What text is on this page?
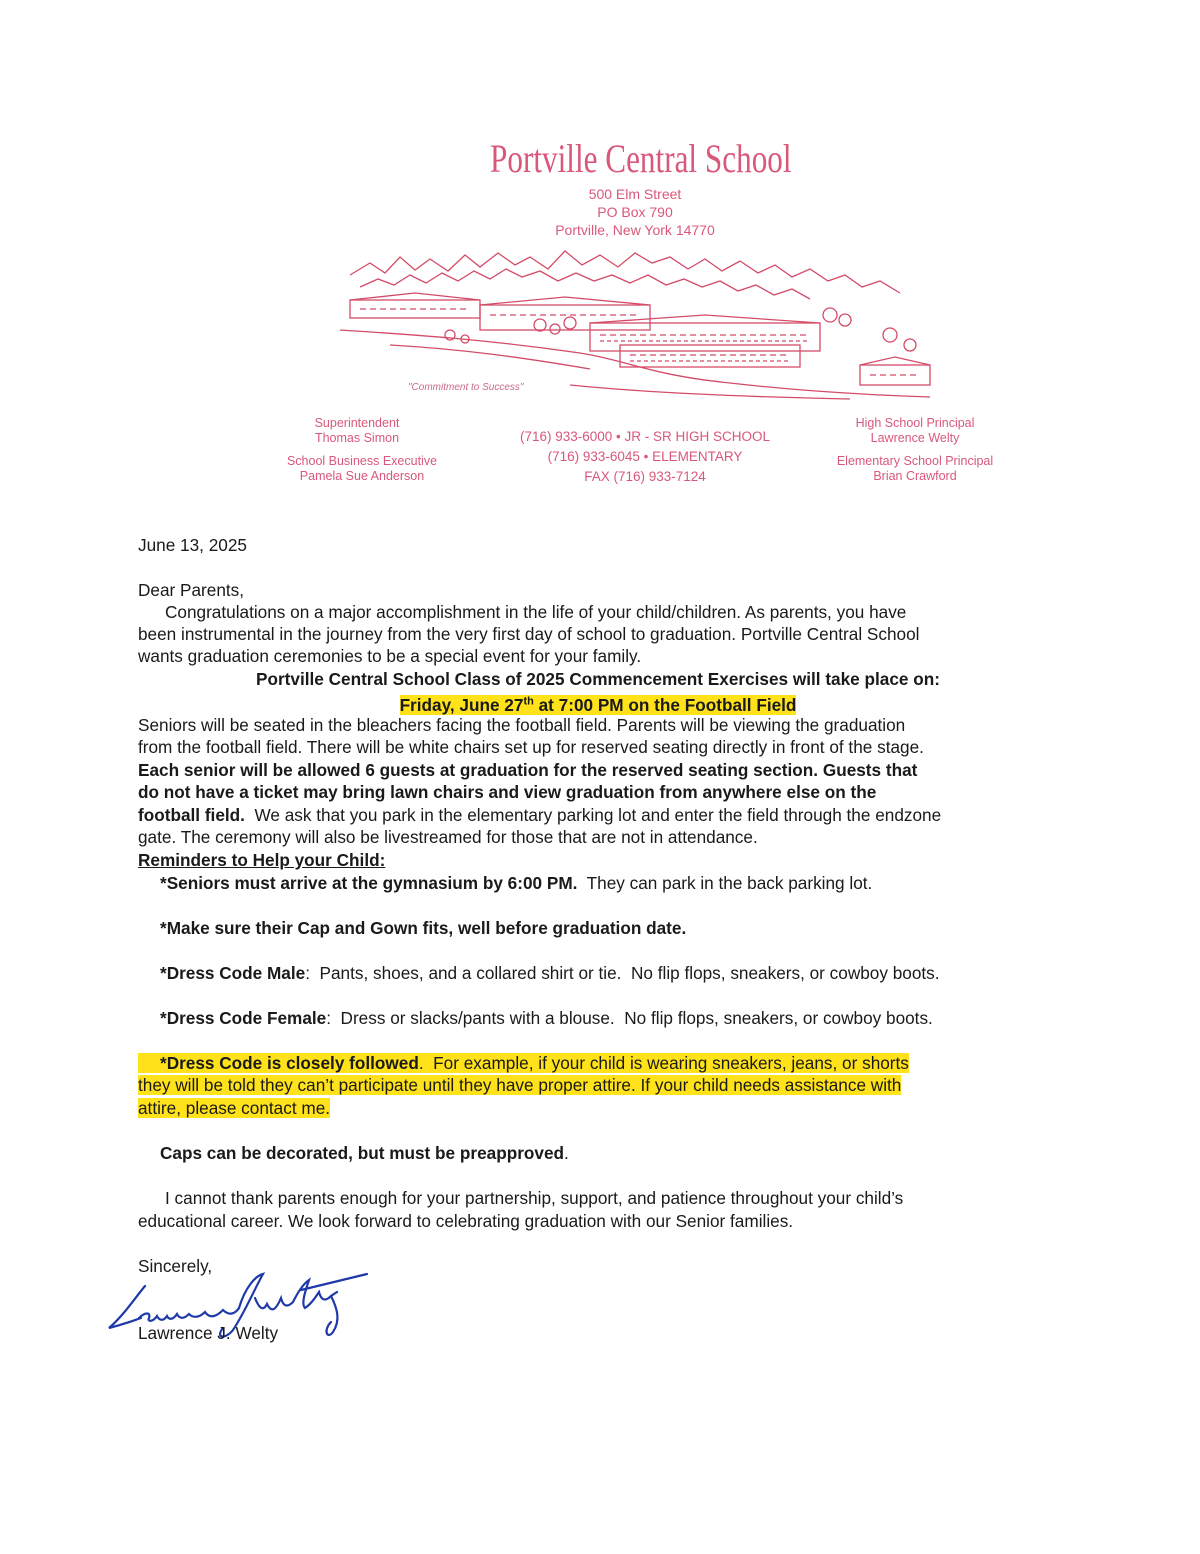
Portville Central School
500 Elm Street
PO Box 790
Portville, New York 14770
"Commitment to Success"
Superintendent
Thomas Simon
School Business Executive
Pamela Sue Anderson
(716) 933-6000 • JR - SR HIGH SCHOOL
(716) 933-6045 • ELEMENTARY
FAX (716) 933-7124
High School Principal
Lawrence Welty
Elementary School Principal
Brian Crawford
June 13, 2025
Dear Parents,
Congratulations on a major accomplishment in the life of your child/children. As parents, you have
been instrumental in the journey from the very first day of school to graduation. Portville Central School
wants graduation ceremonies to be a special event for your family.
Portville Central School Class of 2025 Commencement Exercises will take place on:
Friday, June 27th at 7:00 PM on the Football Field
Seniors will be seated in the bleachers facing the football field. Parents will be viewing the graduation
from the football field. There will be white chairs set up for reserved seating directly in front of the stage.
Each senior will be allowed 6 guests at graduation for the reserved seating section. Guests that
do not have a ticket may bring lawn chairs and view graduation from anywhere else on the
football field.  We ask that you park in the elementary parking lot and enter the field through the endzone
gate. The ceremony will also be livestreamed for those that are not in attendance.
Reminders to Help your Child:
*Seniors must arrive at the gymnasium by 6:00 PM.  They can park in the back parking lot.
*Make sure their Cap and Gown fits, well before graduation date.
*Dress Code Male:  Pants, shoes, and a collared shirt or tie.  No flip flops, sneakers, or cowboy boots.
*Dress Code Female:  Dress or slacks/pants with a blouse.  No flip flops, sneakers, or cowboy boots.
*Dress Code is closely followed.  For example, if your child is wearing sneakers, jeans, or shorts
they will be told they can’t participate until they have proper attire. If your child needs assistance with
attire, please contact me.
Caps can be decorated, but must be preapproved.
I cannot thank parents enough for your partnership, support, and patience throughout your child’s
educational career. We look forward to celebrating graduation with our Senior families.
Sincerely,
Lawrence J. Welty
